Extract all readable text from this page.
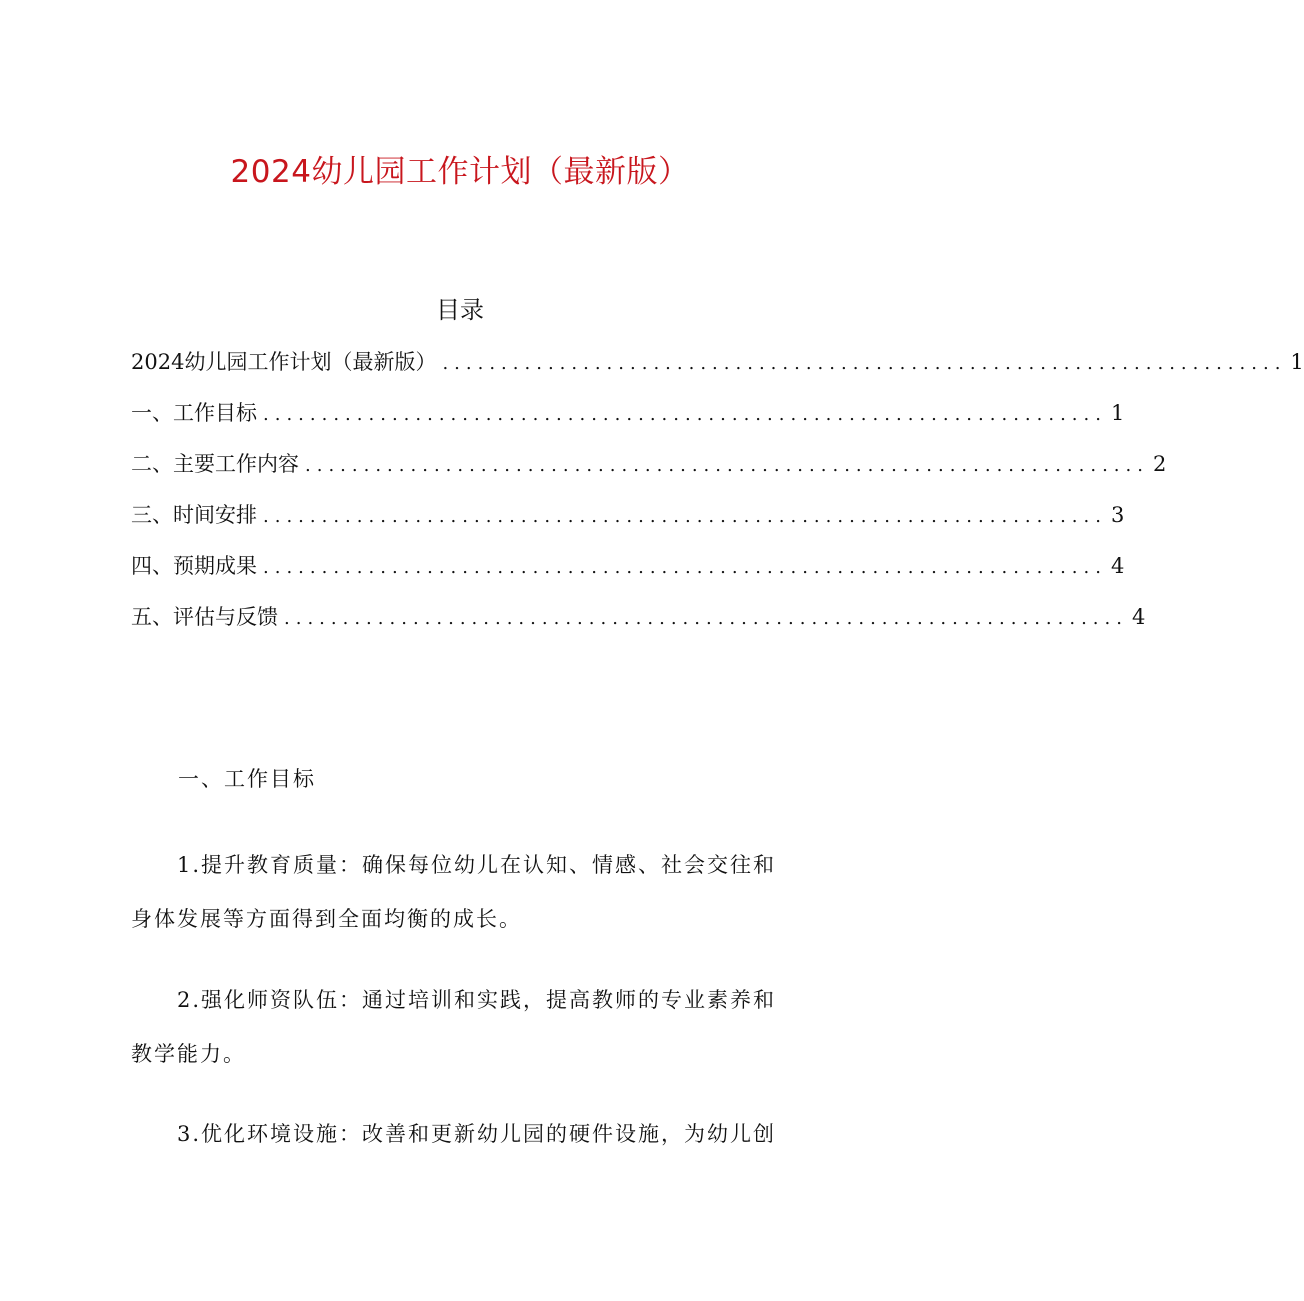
2024幼儿园工作计划（最新版）
目录
2024幼儿园工作计划（最新版） ........................................................................ 1
一、工作目标 ........................................................................ 1
二、主要工作内容 ........................................................................ 2
三、时间安排 ........................................................................ 3
四、预期成果 ........................................................................ 4
五、评估与反馈 ........................................................................ 4
一、工作目标
1.提升教育质量：确保每位幼儿在认知、情感、社会交往和身体发展等方面得到全面均衡的成长。
2.强化师资队伍：通过培训和实践，提高教师的专业素养和教学能力。
3.优化环境设施：改善和更新幼儿园的硬件设施，为幼儿创
